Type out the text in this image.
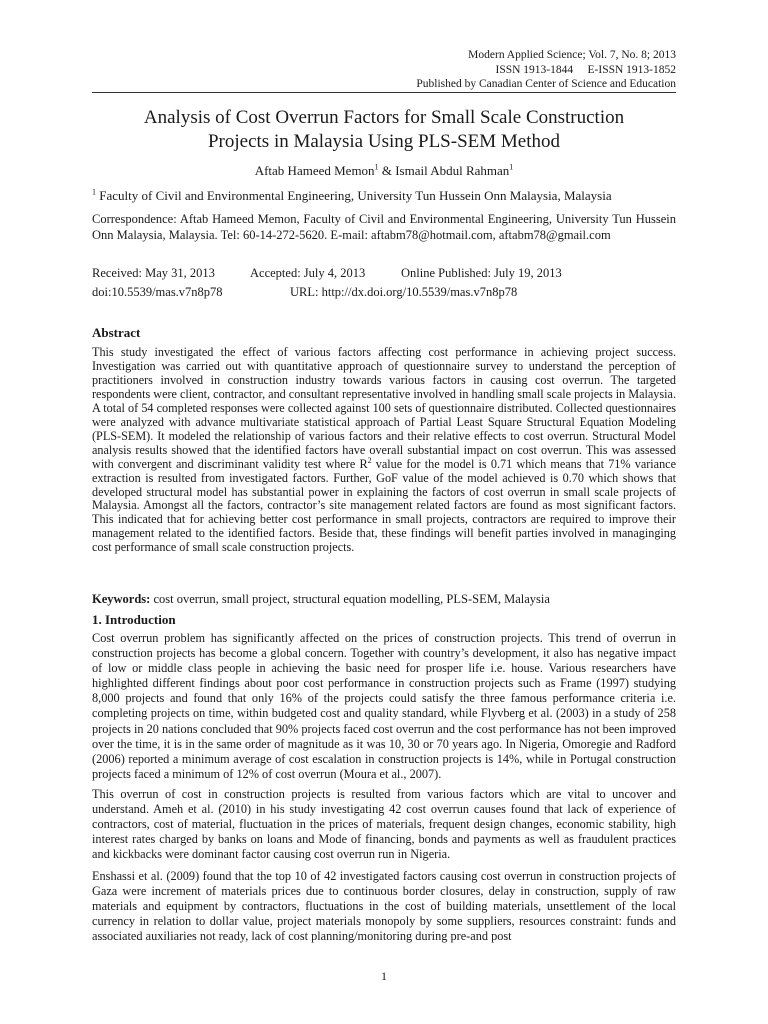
Modern Applied Science; Vol. 7, No. 8; 2013
ISSN 1913-1844     E-ISSN 1913-1852
Published by Canadian Center of Science and Education
Analysis of Cost Overrun Factors for Small Scale Construction
Projects in Malaysia Using PLS-SEM Method
Aftab Hameed Memon$^1$ & Ismail Abdul Rahman$^1$
$^1$ Faculty of Civil and Environmental Engineering, University Tun Hussein Onn Malaysia, Malaysia
Correspondence: Aftab Hameed Memon, Faculty of Civil and Environmental Engineering, University Tun Hussein Onn Malaysia, Malaysia. Tel: 60-14-272-5620. E-mail: aftabm78@hotmail.com, aftabm78@gmail.com
Received: May 31, 2013	Accepted: July 4, 2013	Online Published: July 19, 2013
doi:10.5539/mas.v7n8p78	URL: http://dx.doi.org/10.5539/mas.v7n8p78
Abstract
This study investigated the effect of various factors affecting cost performance in achieving project success. Investigation was carried out with quantitative approach of questionnaire survey to understand the perception of practitioners involved in construction industry towards various factors in causing cost overrun. The targeted respondents were client, contractor, and consultant representative involved in handling small scale projects in Malaysia. A total of 54 completed responses were collected against 100 sets of questionnaire distributed. Collected questionnaires were analyzed with advance multivariate statistical approach of Partial Least Square Structural Equation Modeling (PLS-SEM). It modeled the relationship of various factors and their relative effects to cost overrun. Structural Model analysis results showed that the identified factors have overall substantial impact on cost overrun. This was assessed with convergent and discriminant validity test where $R^2$ value for the model is 0.71 which means that 71% variance extraction is resulted from investigated factors. Further, GoF value of the model achieved is 0.70 which shows that developed structural model has substantial power in explaining the factors of cost overrun in small scale projects of Malaysia. Amongst all the factors, contractor’s site management related factors are found as most significant factors. This indicated that for achieving better cost performance in small projects, contractors are required to improve their management related to the identified factors. Beside that, these findings will benefit parties involved in managinging cost performance of small scale construction projects.
Keywords: cost overrun, small project, structural equation modelling, PLS-SEM, Malaysia
1. Introduction
Cost overrun problem has significantly affected on the prices of construction projects. This trend of overrun in construction projects has become a global concern. Together with country’s development, it also has negative impact of low or middle class people in achieving the basic need for prosper life i.e. house. Various researchers have highlighted different findings about poor cost performance in construction projects such as Frame (1997) studying 8,000 projects and found that only 16% of the projects could satisfy the three famous performance criteria i.e. completing projects on time, within budgeted cost and quality standard, while Flyvberg et al. (2003) in a study of 258 projects in 20 nations concluded that 90% projects faced cost overrun and the cost performance has not been improved over the time, it is in the same order of magnitude as it was 10, 30 or 70 years ago. In Nigeria, Omoregie and Radford (2006) reported a minimum average of cost escalation in construction projects is 14%, while in Portugal construction projects faced a minimum of 12% of cost overrun (Moura et al., 2007).
This overrun of cost in construction projects is resulted from various factors which are vital to uncover and understand. Ameh et al. (2010) in his study investigating 42 cost overrun causes found that lack of experience of contractors, cost of material, fluctuation in the prices of materials, frequent design changes, economic stability, high interest rates charged by banks on loans and Mode of financing, bonds and payments as well as fraudulent practices and kickbacks were dominant factor causing cost overrun run in Nigeria.
Enshassi et al. (2009) found that the top 10 of 42 investigated factors causing cost overrun in construction projects of Gaza were increment of materials prices due to continuous border closures, delay in construction, supply of raw materials and equipment by contractors, fluctuations in the cost of building materials, unsettlement of the local currency in relation to dollar value, project materials monopoly by some suppliers, resources constraint: funds and associated auxiliaries not ready, lack of cost planning/monitoring during pre-and post
1
